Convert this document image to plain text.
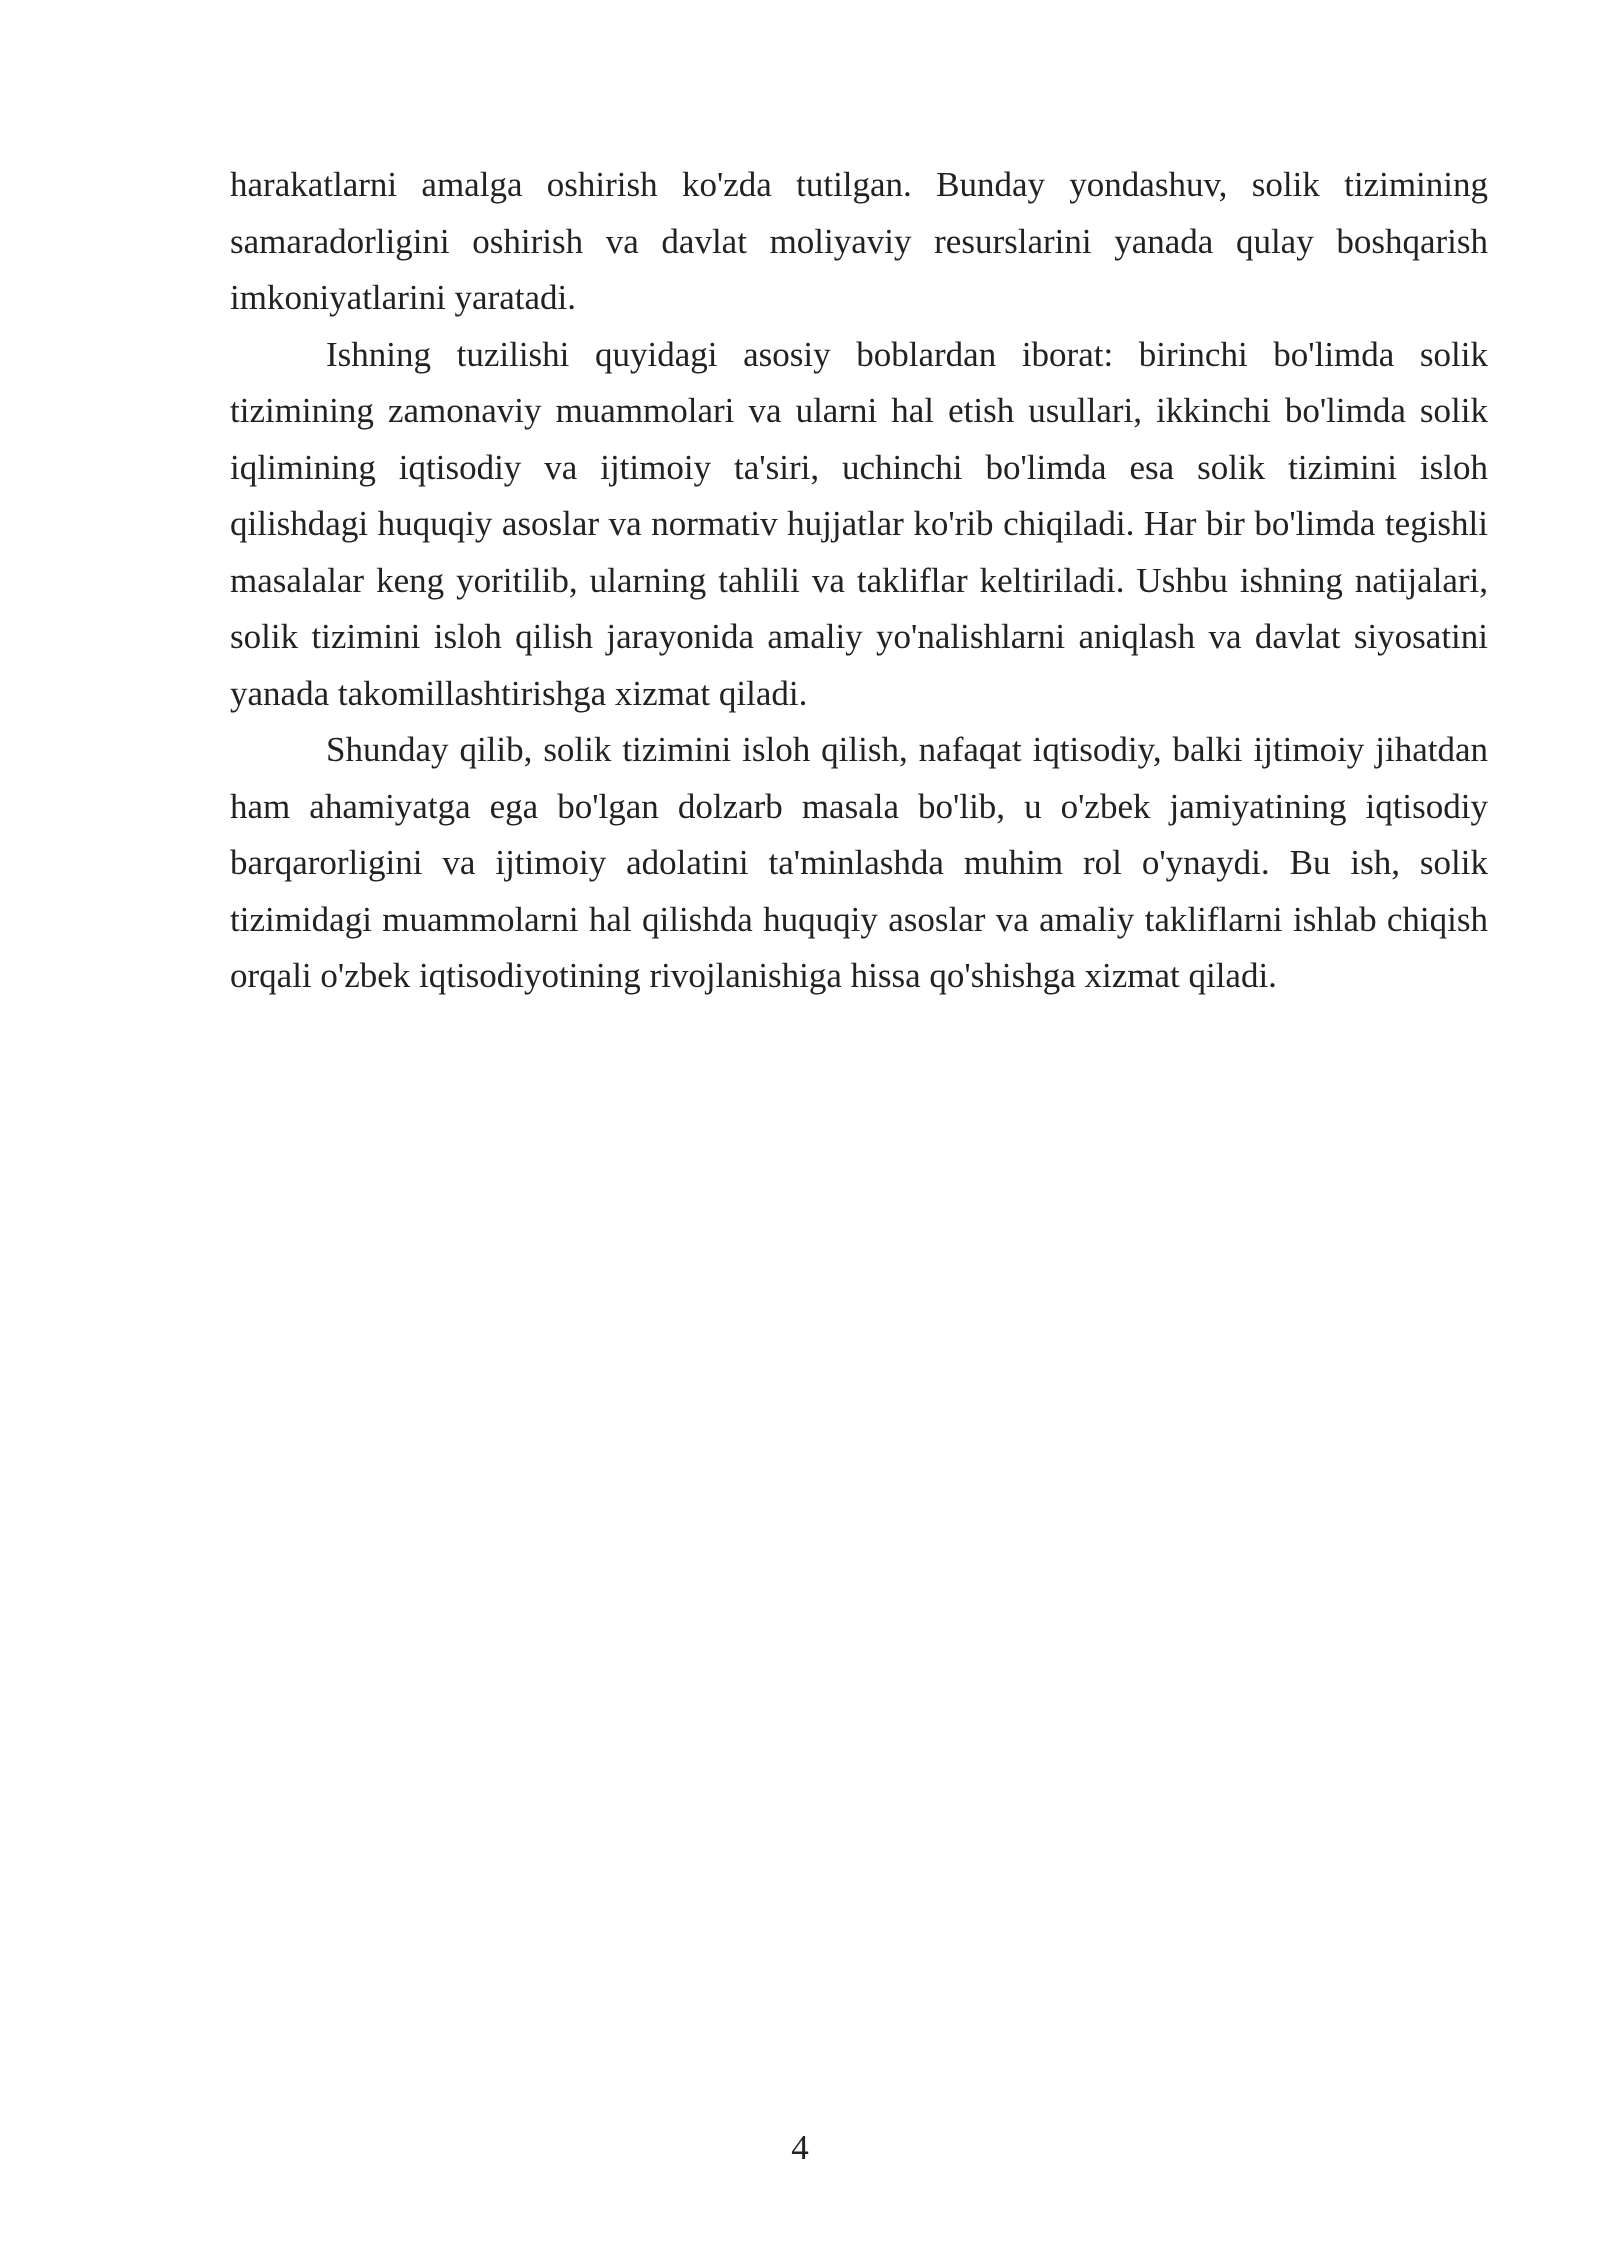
harakatlarni amalga oshirish ko'zda tutilgan. Bunday yondashuv, solik tizimining samaradorligini oshirish va davlat moliyaviy resurslarini yanada qulay boshqarish imkoniyatlarini yaratadi.

Ishning tuzilishi quyidagi asosiy boblardan iborat: birinchi bo'limda solik tizimining zamonaviy muammolari va ularni hal etish usullari, ikkinchi bo'limda solik iqlimining iqtisodiy va ijtimoiy ta'siri, uchinchi bo'limda esa solik tizimini isloh qilishdagi huquqiy asoslar va normativ hujjatlar ko'rib chiqiladi. Har bir bo'limda tegishli masalalar keng yoritilib, ularning tahlili va takliflar keltiriladi. Ushbu ishning natijalari, solik tizimini isloh qilish jarayonida amaliy yo'nalishlarni aniqlash va davlat siyosatini yanada takomillashtirishga xizmat qiladi.

Shunday qilib, solik tizimini isloh qilish, nafaqat iqtisodiy, balki ijtimoiy jihatdan ham ahamiyatga ega bo'lgan dolzarb masala bo'lib, u o'zbek jamiyatining iqtisodiy barqarorligini va ijtimoiy adolatini ta'minlashda muhim rol o'ynaydi. Bu ish, solik tizimidagi muammolarni hal qilishda huquqiy asoslar va amaliy takliflarni ishlab chiqish orqali o'zbek iqtisodiyotining rivojlanishiga hissa qo'shishga xizmat qiladi.

4
